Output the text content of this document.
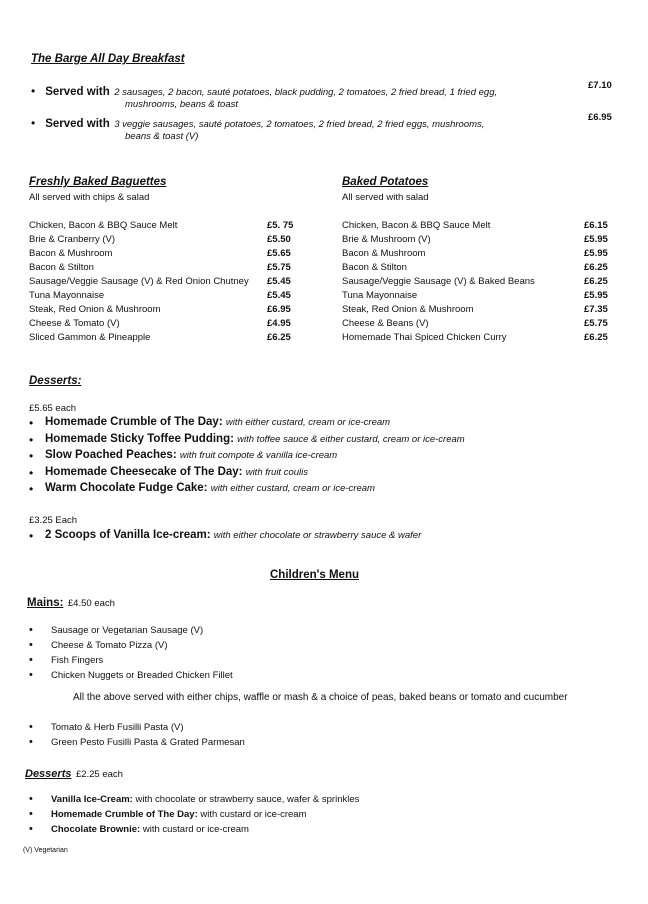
The Barge All Day Breakfast
• Served with 2 sausages, 2 bacon, sauté potatoes, black pudding, 2 tomatoes, 2 fried bread, 1 fried egg,
mushrooms, beans & toast
£7.10
• Served with 3 veggie sausages, sauté potatoes, 2 tomatoes, 2 fried bread, 2 fried eggs, mushrooms,
beans & toast (V)
£6.95
Freshly Baked Baguettes
All served with chips & salad
Chicken, Bacon & BBQ Sauce Melt	£5. 75
Brie & Cranberry (V)	£5.50
Bacon & Mushroom	£5.65
Bacon & Stilton	£5.75
Sausage/Veggie Sausage (V) & Red Onion Chutney £5.45
Tuna Mayonnaise	£5.45
Steak, Red Onion & Mushroom	£6.95
Cheese & Tomato (V)	£4.95
Sliced Gammon & Pineapple	£6.25
Baked Potatoes
All served with salad
Chicken, Bacon & BBQ Sauce Melt	£6.15
Brie & Mushroom (V)	£5.95
Bacon & Mushroom	£5.95
Bacon & Stilton	£6.25
Sausage/Veggie Sausage (V) & Baked Beans	£6.25
Tuna Mayonnaise	£5.95
Steak, Red Onion & Mushroom	£7.35
Cheese & Beans (V)	£5.75
Homemade Thai Spiced Chicken Curry	£6.25
Desserts:
£5.65 each
• Homemade Crumble of The Day: with either custard, cream or ice-cream
• Homemade Sticky Toffee Pudding: with toffee sauce & either custard, cream or ice-cream
• Slow Poached Peaches: with fruit compote & vanilla ice-cream
• Homemade Cheesecake of The Day: with fruit coulis
• Warm Chocolate Fudge Cake: with either custard, cream or ice-cream
£3.25 Each
• 2 Scoops of Vanilla Ice-cream: with either chocolate or strawberry sauce & wafer
Children's Menu
Mains: £4.50 each
• Sausage or Vegetarian Sausage (V)
• Cheese & Tomato Pizza (V)
• Fish Fingers
• Chicken Nuggets or Breaded Chicken Fillet
All the above served with either chips, waffle or mash & a choice of peas, baked beans or tomato and cucumber
• Tomato & Herb Fusilli Pasta (V)
• Green Pesto Fusilli Pasta & Grated Parmesan
Desserts £2.25 each
• Vanilla Ice-Cream: with chocolate or strawberry sauce, wafer & sprinkles
• Homemade Crumble of The Day: with custard or ice-cream
• Chocolate Brownie: with custard or ice-cream
(V) Vegetarian
